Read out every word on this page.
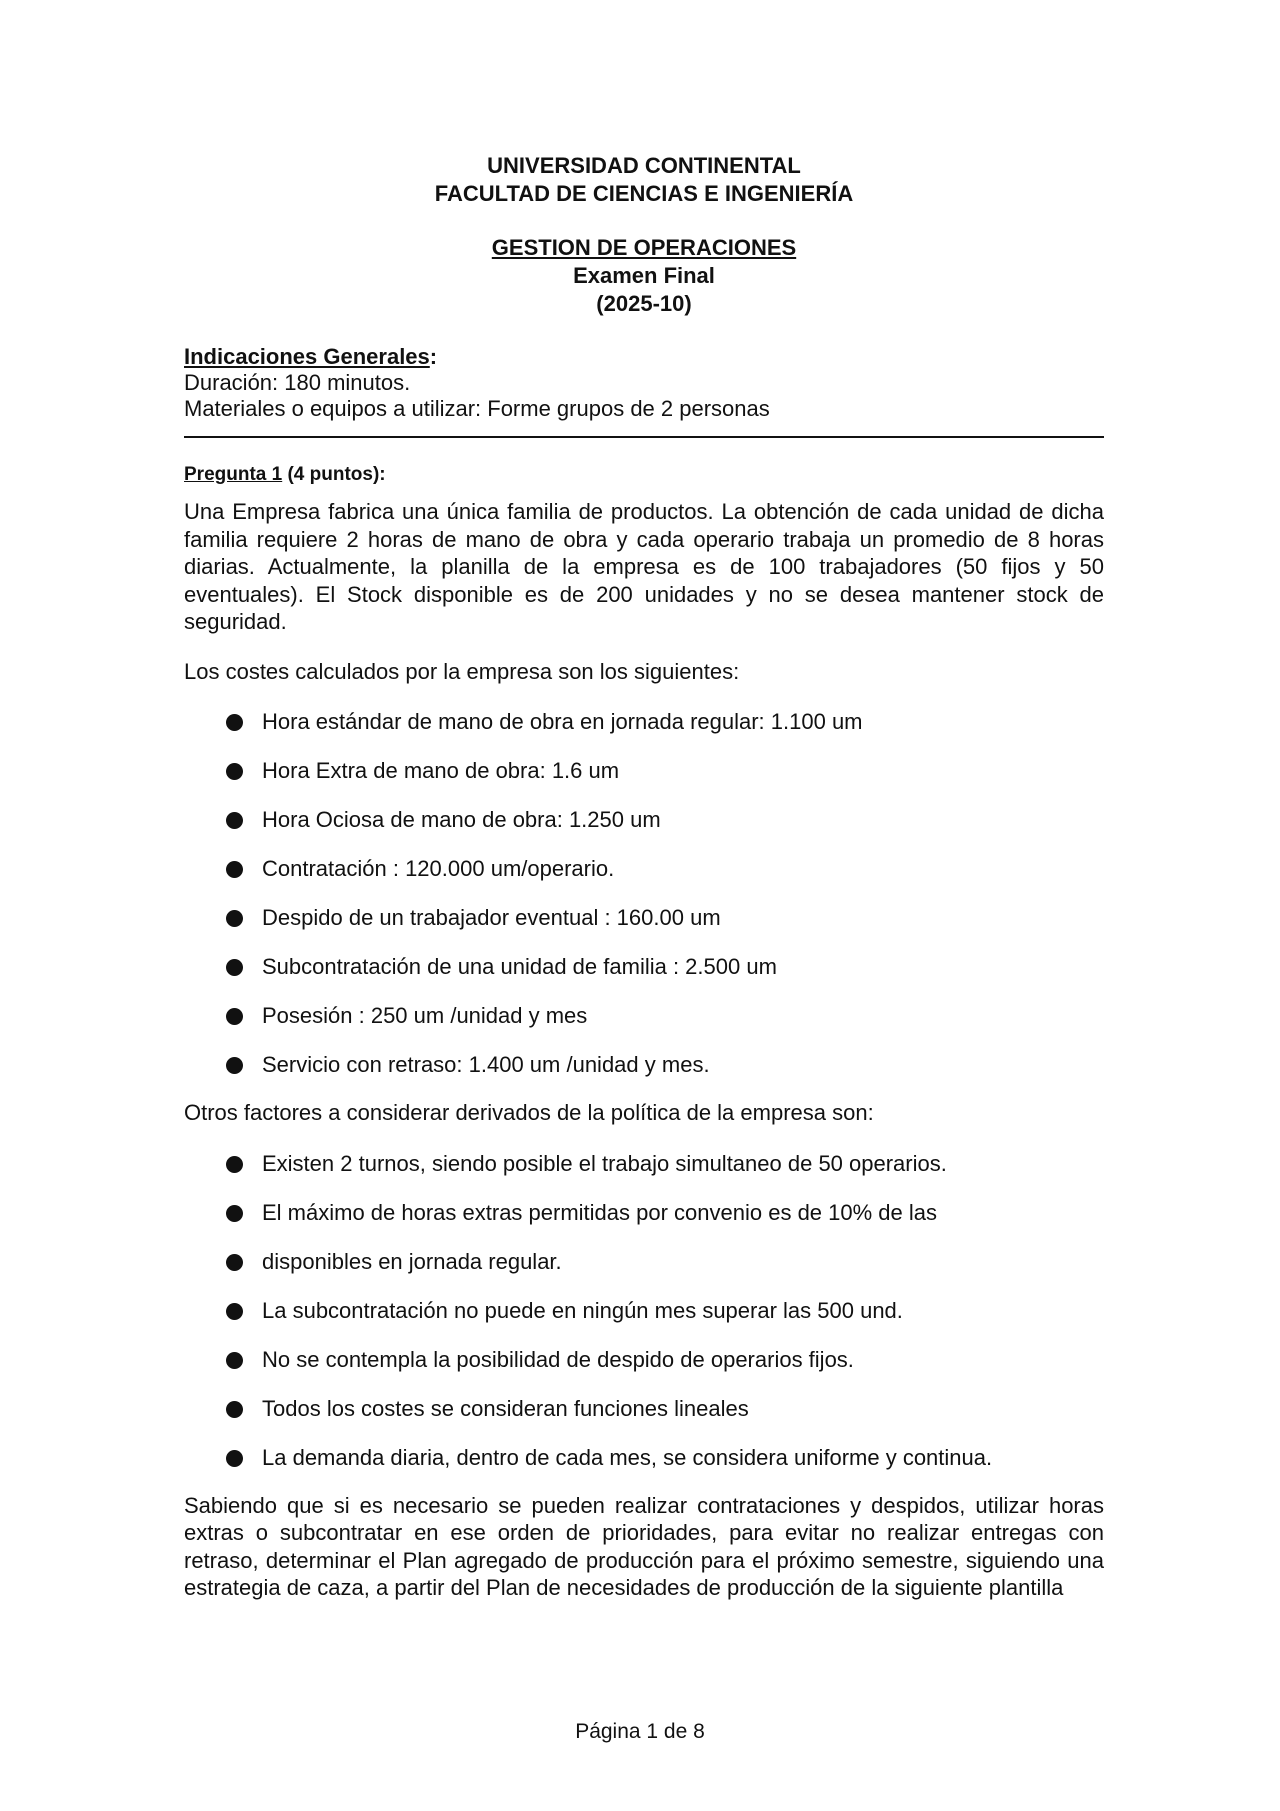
UNIVERSIDAD CONTINENTAL
FACULTAD DE CIENCIAS E INGENIERÍA
GESTION DE OPERACIONES
Examen Final
(2025-10)
Indicaciones Generales:
Duración: 180 minutos.
Materiales o equipos a utilizar: Forme grupos de 2 personas
Pregunta 1 (4 puntos):

Una Empresa fabrica una única familia de productos. La obtención de cada unidad de dicha familia requiere 2 horas de mano de obra y cada operario trabaja un promedio de 8 horas diarias. Actualmente, la planilla de la empresa es de 100 trabajadores (50 fijos y 50 eventuales). El Stock disponible es de 200 unidades y no se desea mantener stock de seguridad.

Los costes calculados por la empresa son los siguientes:

Hora estándar de mano de obra en jornada regular: 1.100 um
Hora Extra de mano de obra: 1.6 um
Hora Ociosa de mano de obra: 1.250 um
Contratación : 120.000 um/operario.
Despido de un trabajador eventual : 160.00 um
Subcontratación de una unidad de familia : 2.500 um
Posesión : 250 um /unidad y mes
Servicio con retraso: 1.400 um /unidad y mes.

Otros factores a considerar derivados de la política de la empresa son:

Existen 2 turnos, siendo posible el trabajo simultaneo de 50 operarios.
El máximo de horas extras permitidas por convenio es de 10% de las
disponibles en jornada regular.
La subcontratación no puede en ningún mes superar las 500 und.
No se contempla la posibilidad de despido de operarios fijos.
Todos los costes se consideran funciones lineales
La demanda diaria, dentro de cada mes, se considera uniforme y continua.

Sabiendo que si es necesario se pueden realizar contrataciones y despidos, utilizar horas extras o subcontratar en ese orden de prioridades, para evitar no realizar entregas con retraso, determinar el Plan agregado de producción para el próximo semestre, siguiendo una estrategia de caza, a partir del Plan de necesidades de producción de la siguiente plantilla

Página 1 de 8
